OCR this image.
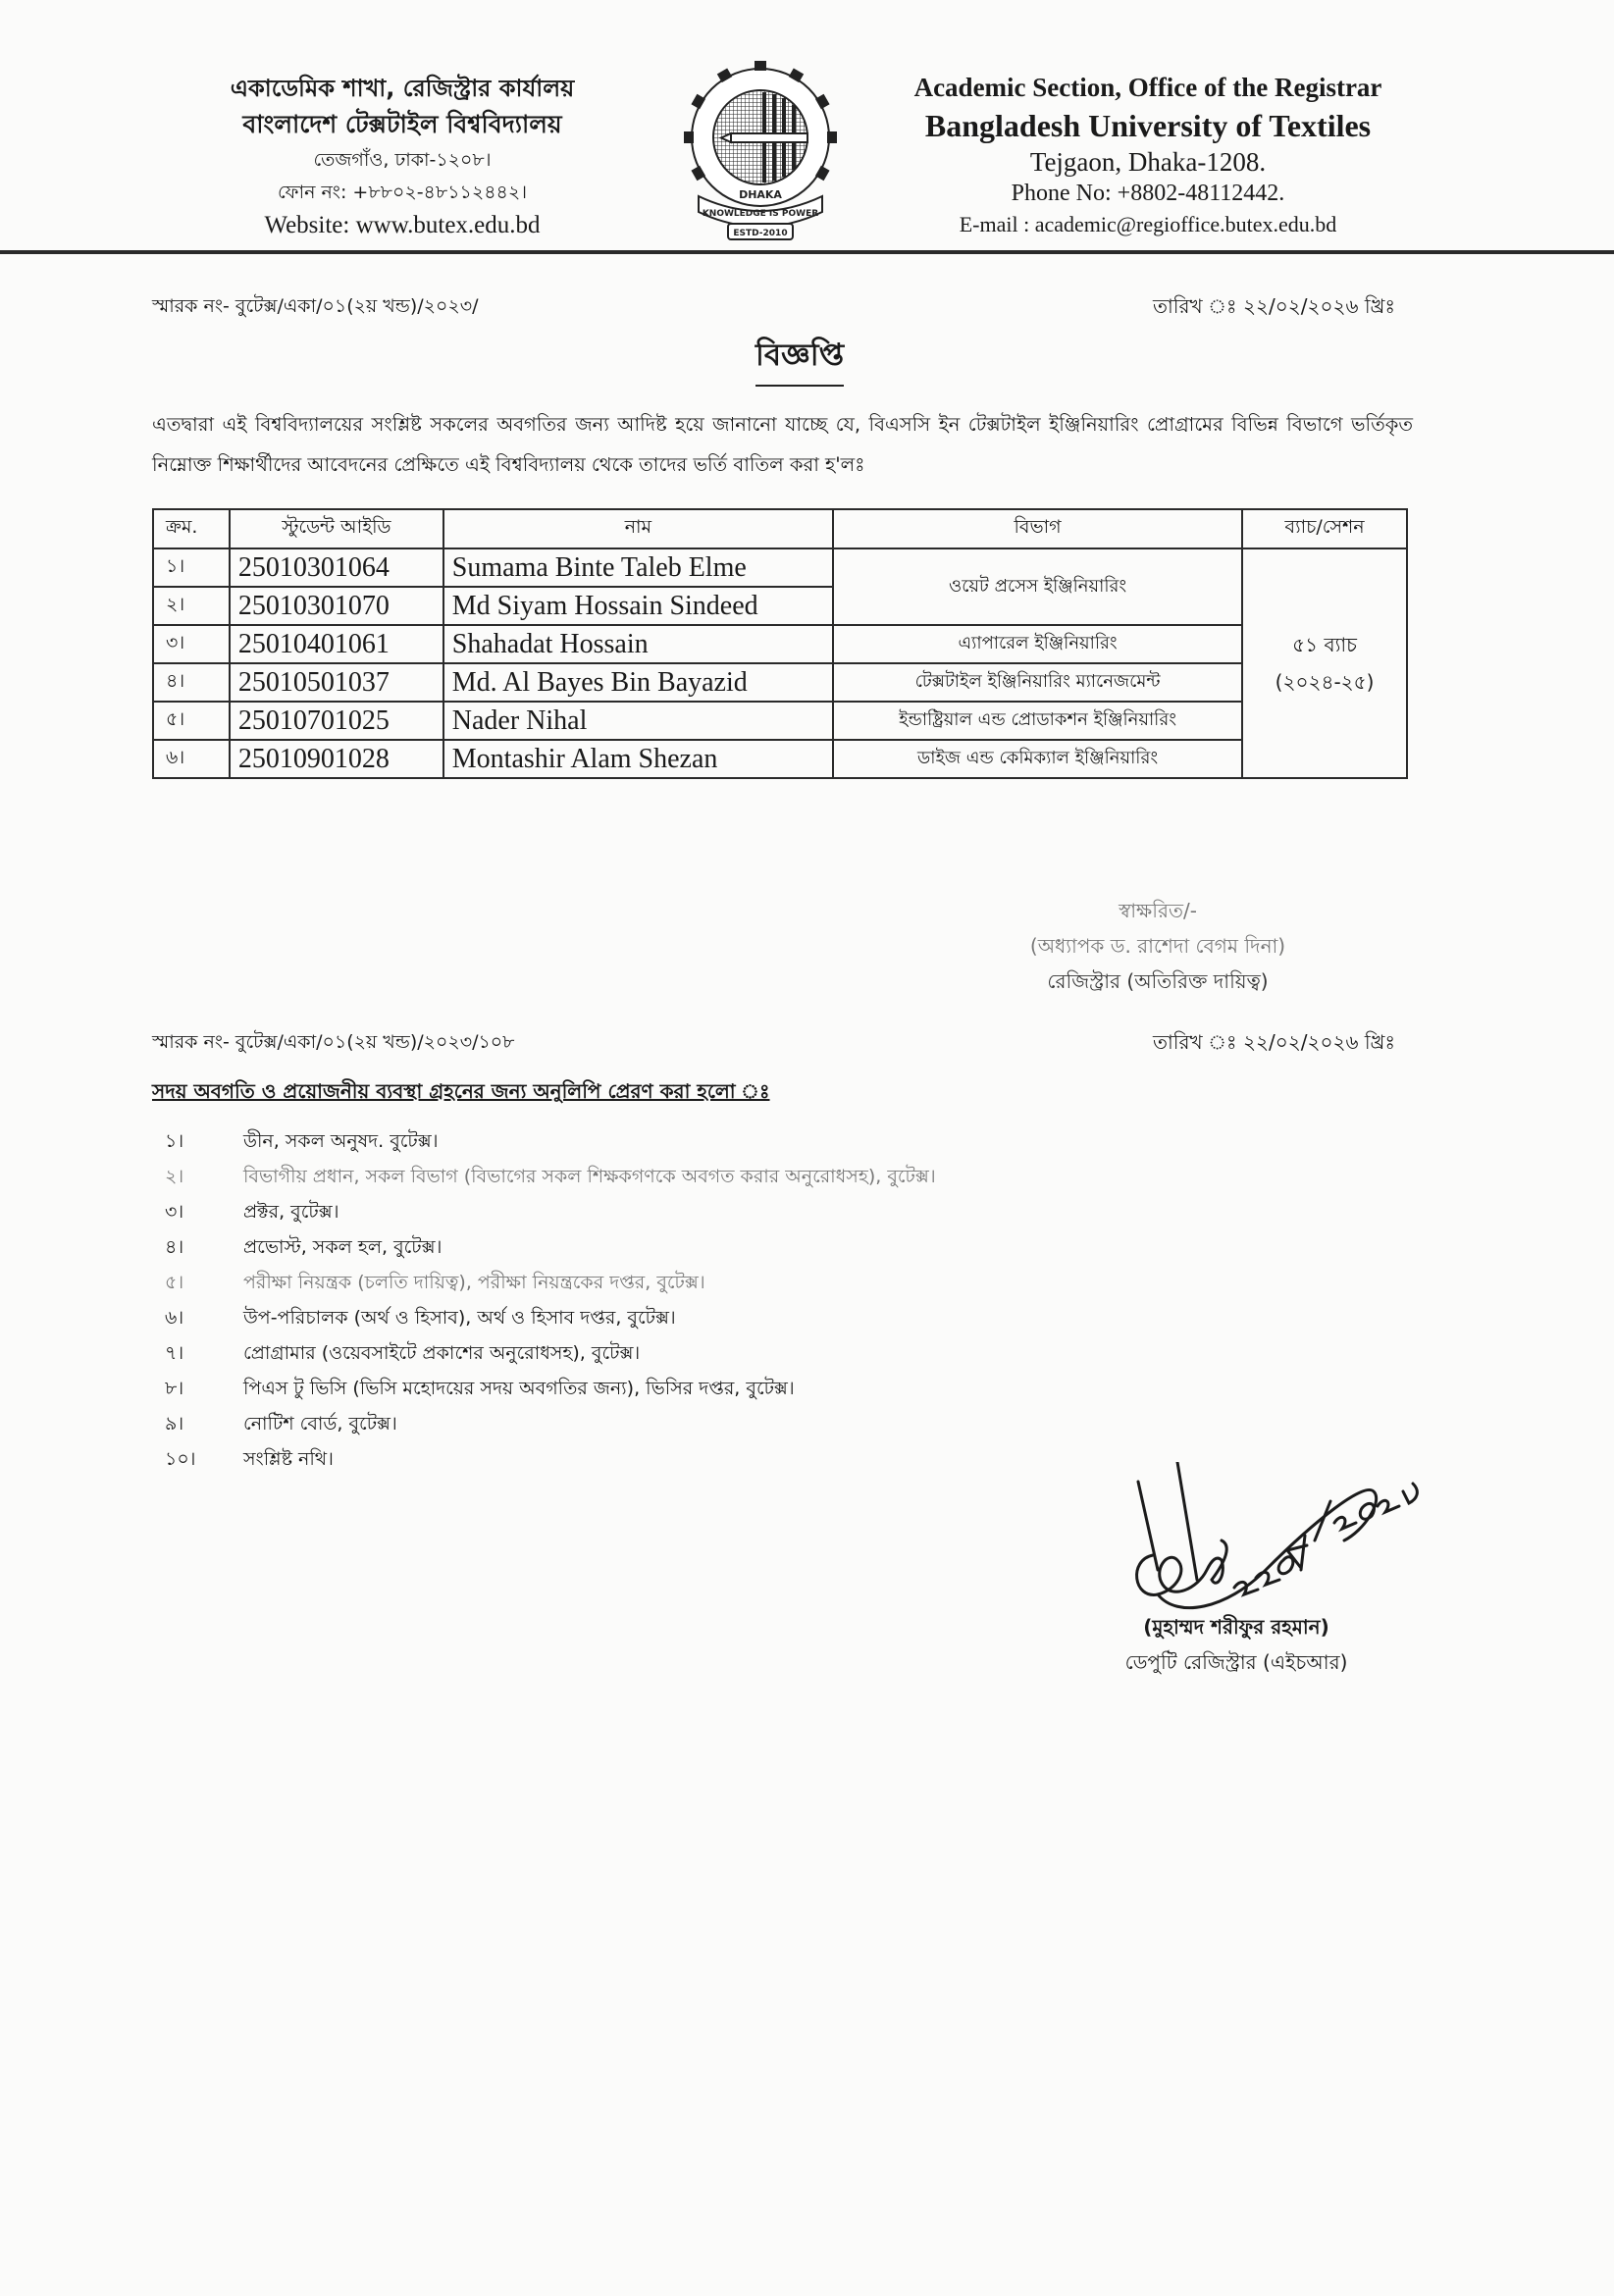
একাডেমিক শাখা, রেজিস্ট্রার কার্যালয়
বাংলাদেশ টেক্সটাইল বিশ্ববিদ্যালয়
তেজগাঁও, ঢাকা-১২০৮।
ফোন নং: +৮৮০২-৪৮১১২৪৪২।
Website: www.butex.edu.bd
DHAKA
KNOWLEDGE IS POWER
ESTD-2010
Academic Section, Office of the Registrar
Bangladesh University of Textiles
Tejgaon, Dhaka-1208.
Phone No: +8802-48112442.
E-mail : academic@regioffice.butex.edu.bd
স্মারক নং- বুটেক্স/একা/০১(২য় খন্ড)/২০২৩/	তারিখ ঃ ২২/০২/২০২৬ খ্রিঃ
বিজ্ঞপ্তি
এতদ্বারা এই বিশ্ববিদ্যালয়ের সংশ্লিষ্ট সকলের অবগতির জন্য আদিষ্ট হয়ে জানানো যাচ্ছে যে, বিএসসি ইন টেক্সটাইল ইঞ্জিনিয়ারিং প্রোগ্রামের বিভিন্ন বিভাগে ভর্তিকৃত নিম্নোক্ত শিক্ষার্থীদের আবেদনের প্রেক্ষিতে এই বিশ্ববিদ্যালয় থেকে তাদের ভর্তি বাতিল করা হ'লঃ
ক্রম.	স্টুডেন্ট আইডি	নাম	বিভাগ	ব্যাচ/সেশন
১।	25010301064	Sumama Binte Taleb Elme	ওয়েট প্রসেস ইঞ্জিনিয়ারিং	৫১ ব্যাচ
(২০২৪-২৫)

২।	25010301070	Md Siyam Hossain Sindeed		
৩।	25010401061	Shahadat Hossain	এ্যাপারেল ইঞ্জিনিয়ারিং	
৪।	25010501037	Md. Al Bayes Bin Bayazid	টেক্সটাইল ইঞ্জিনিয়ারিং ম্যানেজমেন্ট	
৫।	25010701025	Nader Nihal	ইন্ডাষ্ট্রিয়াল এন্ড প্রোডাকশন ইঞ্জিনিয়ারিং	
৬।	25010901028	Montashir Alam Shezan	ডাইজ এন্ড কেমিক্যাল ইঞ্জিনিয়ারিং	
স্বাক্ষরিত/-
(অধ্যাপক ড. রাশেদা বেগম দিনা)
রেজিস্ট্রার (অতিরিক্ত দায়িত্ব)
স্মারক নং- বুটেক্স/একা/০১(২য় খন্ড)/২০২৩/১০৮	তারিখ ঃ ২২/০২/২০২৬ খ্রিঃ
সদয় অবগতি ও প্রয়োজনীয় ব্যবস্থা গ্রহনের জন্য অনুলিপি প্রেরণ করা হলো ঃ
১।	ডীন, সকল অনুষদ. বুটেক্স।
২।	বিভাগীয় প্রধান, সকল বিভাগ (বিভাগের সকল শিক্ষকগণকে অবগত করার অনুরোধসহ), বুটেক্স।
৩।	প্রক্টর, বুটেক্স।
৪।	প্রভোস্ট, সকল হল, বুটেক্স।
৫।	পরীক্ষা নিয়ন্ত্রক (চলতি দায়িত্ব), পরীক্ষা নিয়ন্ত্রকের দপ্তর, বুটেক্স।
৬।	উপ-পরিচালক (অর্থ ও হিসাব), অর্থ ও হিসাব দপ্তর, বুটেক্স।
৭।	প্রোগ্রামার (ওয়েবসাইটে প্রকাশের অনুরোধসহ), বুটেক্স।
৮।	পিএস টু ভিসি (ভিসি মহোদয়ের সদয় অবগতির জন্য), ভিসির দপ্তর, বুটেক্স।
৯।	নোটিশ বোর্ড, বুটেক্স।
১০।	সংশ্লিষ্ট নথি।
(মুহাম্মদ শরীফুর রহমান)
ডেপুটি রেজিস্ট্রার (এইচআর)
